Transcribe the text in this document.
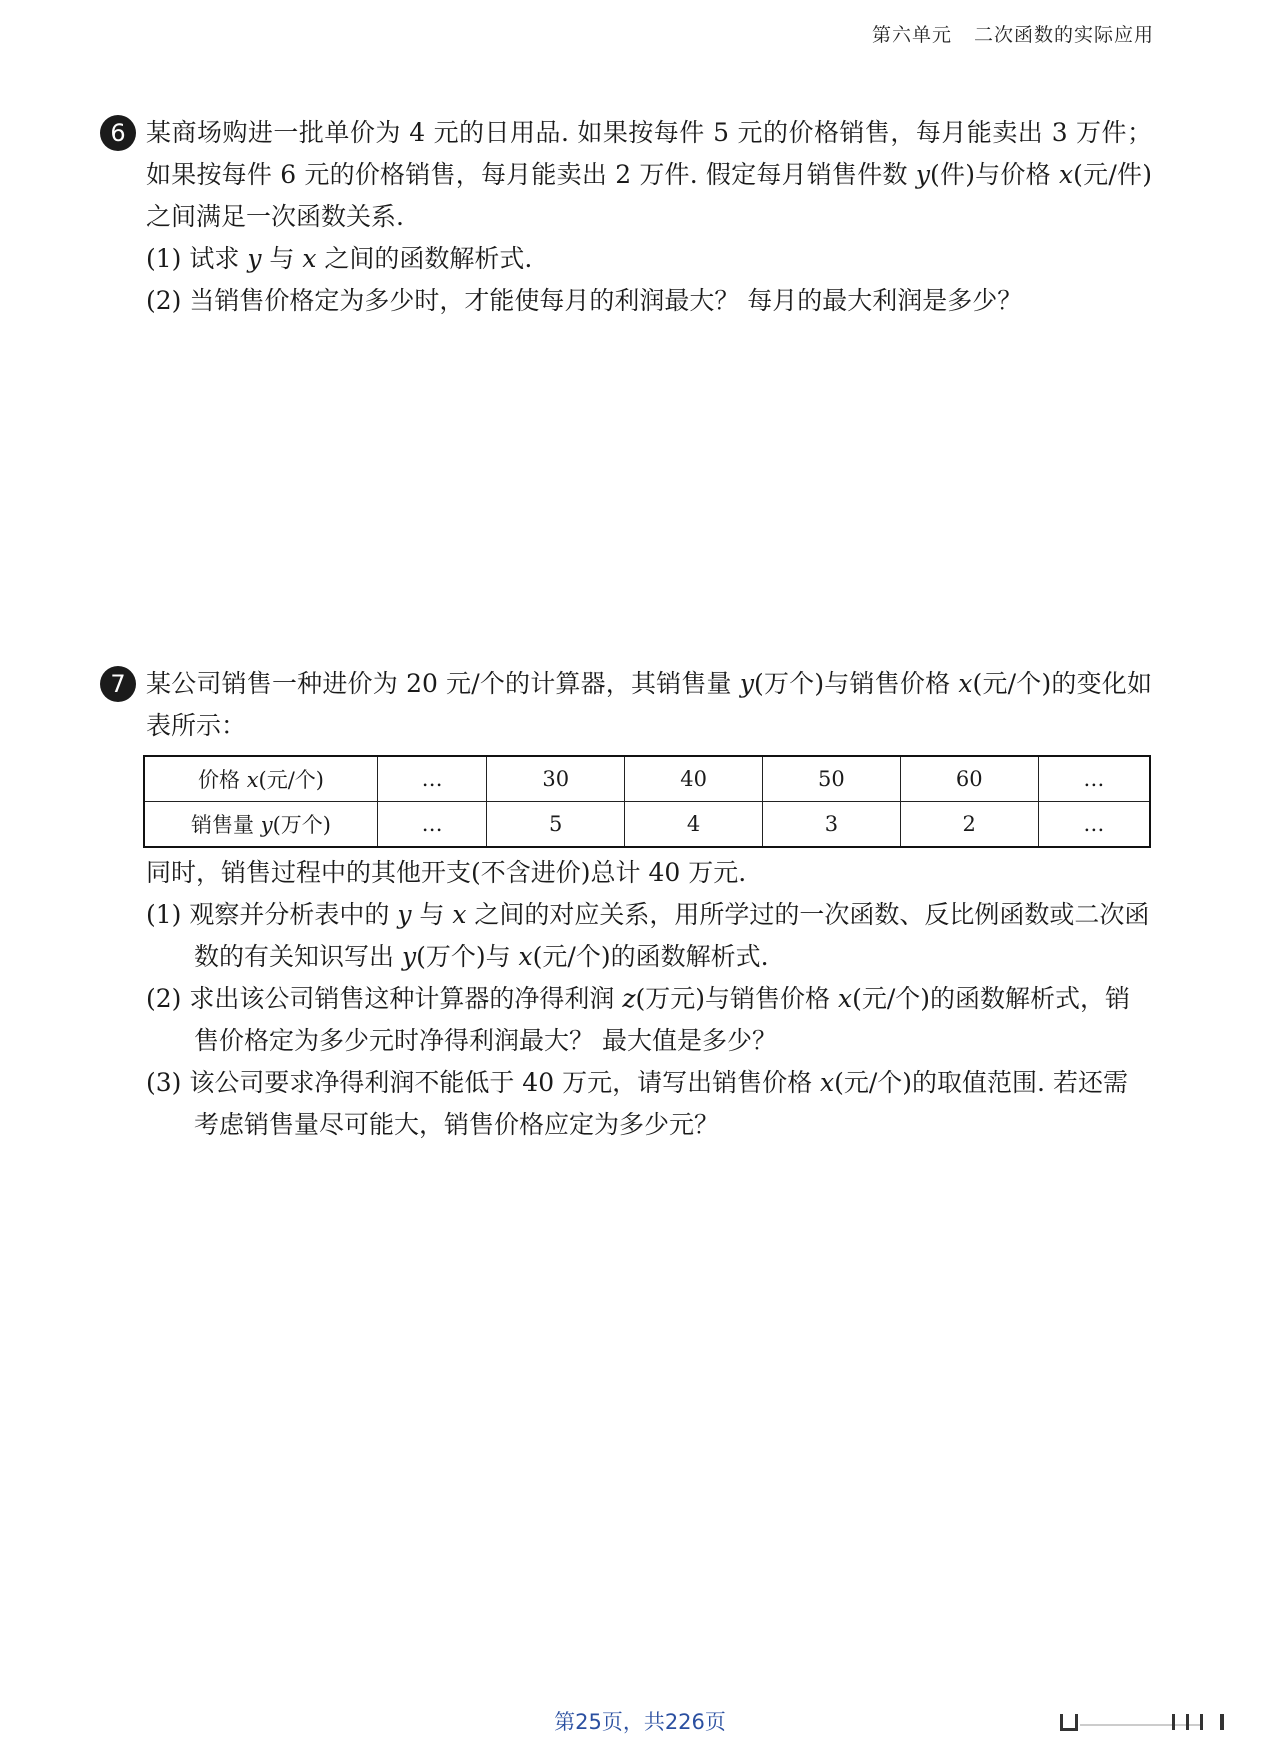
第六单元 二次函数的实际应用
6 某商场购进一批单价为 4 元的日用品. 如果按每件 5 元的价格销售，每月能卖出 3 万件；如果按每件 6 元的价格销售，每月能卖出 2 万件. 假定每月销售件数 y(件)与价格 x(元/件)之间满足一次函数关系.
(1) 试求 y 与 x 之间的函数解析式.
(2) 当销售价格定为多少时，才能使每月的利润最大？ 每月的最大利润是多少？
7 某公司销售一种进价为 20 元/个的计算器，其销售量 y(万个)与销售价格 x(元/个)的变化如表所示：
价格 x(元/个)	…	30	40	50	60	…
销售量 y(万个)	…	5	4	3	2	…
同时，销售过程中的其他开支(不含进价)总计 40 万元.
(1) 观察并分析表中的 y 与 x 之间的对应关系，用所学过的一次函数、反比例函数或二次函数的有关知识写出 y(万个)与 x(元/个)的函数解析式.
(2) 求出该公司销售这种计算器的净得利润 z(万元)与销售价格 x(元/个)的函数解析式，销售价格定为多少元时净得利润最大？ 最大值是多少？
(3) 该公司要求净得利润不能低于 40 万元，请写出销售价格 x(元/个)的取值范围. 若还需考虑销售量尽可能大，销售价格应定为多少元？
第25页，共226页
